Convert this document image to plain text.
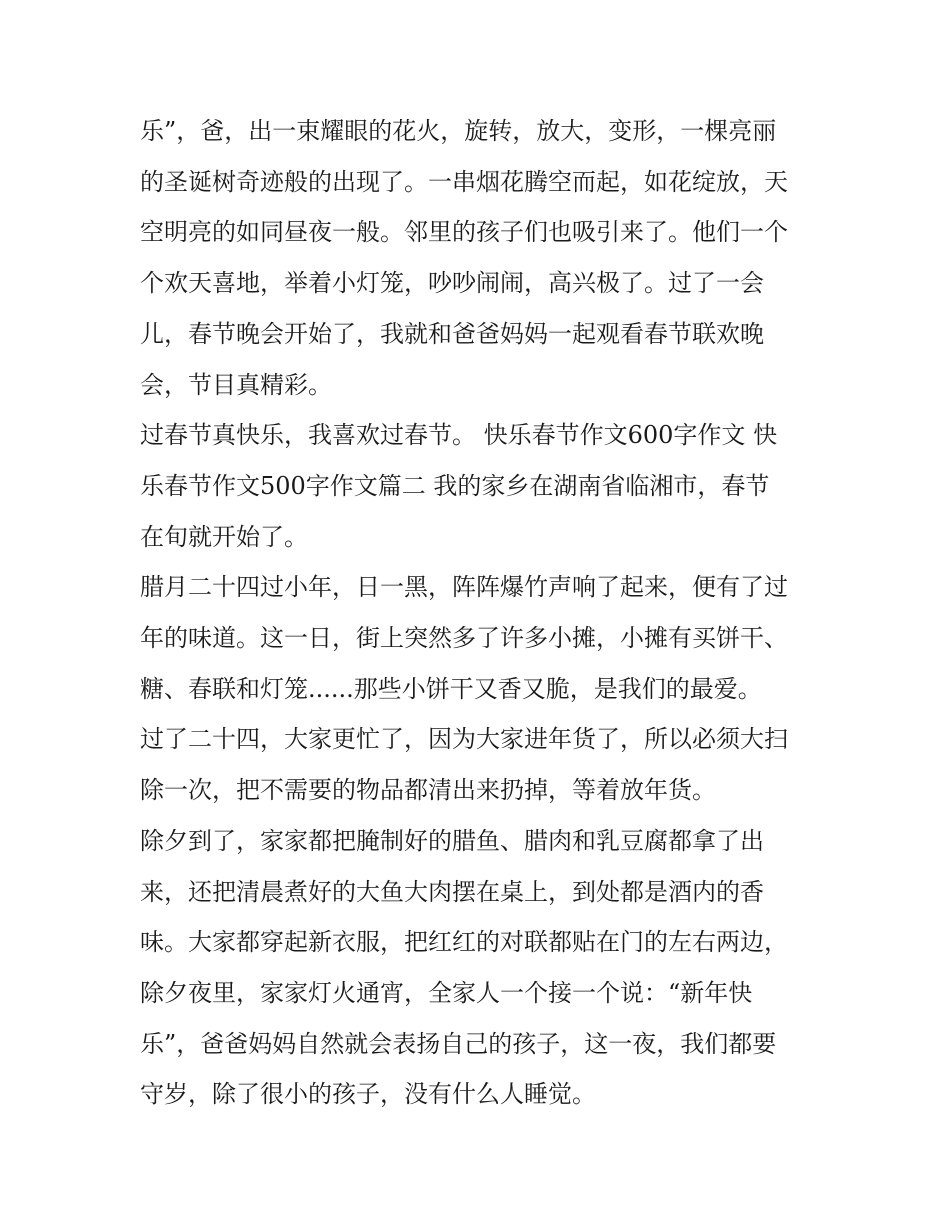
乐”，爸，出一束耀眼的花火，旋转，放大，变形，一棵亮丽
的圣诞树奇迹般的出现了。一串烟花腾空而起，如花绽放，天
空明亮的如同昼夜一般。邻里的孩子们也吸引来了。他们一个
个欢天喜地，举着小灯笼，吵吵闹闹，高兴极了。过了一会
儿，春节晚会开始了，我就和爸爸妈妈一起观看春节联欢晚
会，节目真精彩。

过春节真快乐，我喜欢过春节。 快乐春节作文600字作文 快
乐春节作文500字作文篇二 我的家乡在湖南省临湘市，春节
在旬就开始了。

腊月二十四过小年，日一黑，阵阵爆竹声响了起来，便有了过
年的味道。这一日，街上突然多了许多小摊，小摊有买饼干、
糖、春联和灯笼......那些小饼干又香又脆，是我们的最爱。

过了二十四，大家更忙了，因为大家进年货了，所以必须大扫
除一次，把不需要的物品都清出来扔掉，等着放年货。

除夕到了，家家都把腌制好的腊鱼、腊肉和乳豆腐都拿了出
来，还把清晨煮好的大鱼大肉摆在桌上，到处都是酒内的香
味。大家都穿起新衣服，把红红的对联都贴在门的左右两边，
除夕夜里，家家灯火通宵，全家人一个接一个说：“新年快
乐”，爸爸妈妈自然就会表扬自己的孩子，这一夜，我们都要
守岁，除了很小的孩子，没有什么人睡觉。
